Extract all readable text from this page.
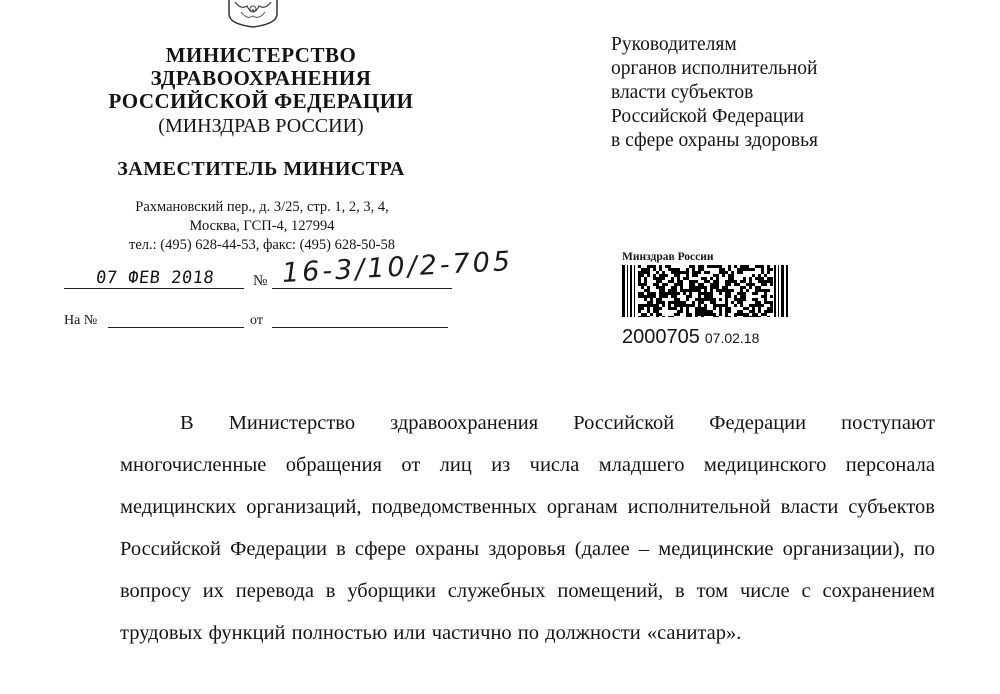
МИНИСТЕРСТВО
ЗДРАВООХРАНЕНИЯ
РОССИЙСКОЙ ФЕДЕРАЦИИ
(МИНЗДРАВ РОССИИ)
ЗАМЕСТИТЕЛЬ МИНИСТРА
Рахмановский пер., д. 3/25, стр. 1, 2, 3, 4,
Москва, ГСП-4, 127994
тел.: (495) 628-44-53, факс: (495) 628-50-58
07 ФЕВ 2018	№ 16-3/10/2-705
На №	от
Руководителям
органов исполнительной
власти субъектов
Российской Федерации
в сфере охраны здоровья
Минздрав России
2000705 07.02.18

В Министерство здравоохранения Российской Федерации поступают многочисленные обращения от лиц из числа младшего медицинского персонала медицинских организаций, подведомственных органам исполнительной власти субъектов Российской Федерации в сфере охраны здоровья (далее – медицинские организации), по вопросу их перевода в уборщики служебных помещений, в том числе с сохранением трудовых функций полностью или частично по должности «санитар».
